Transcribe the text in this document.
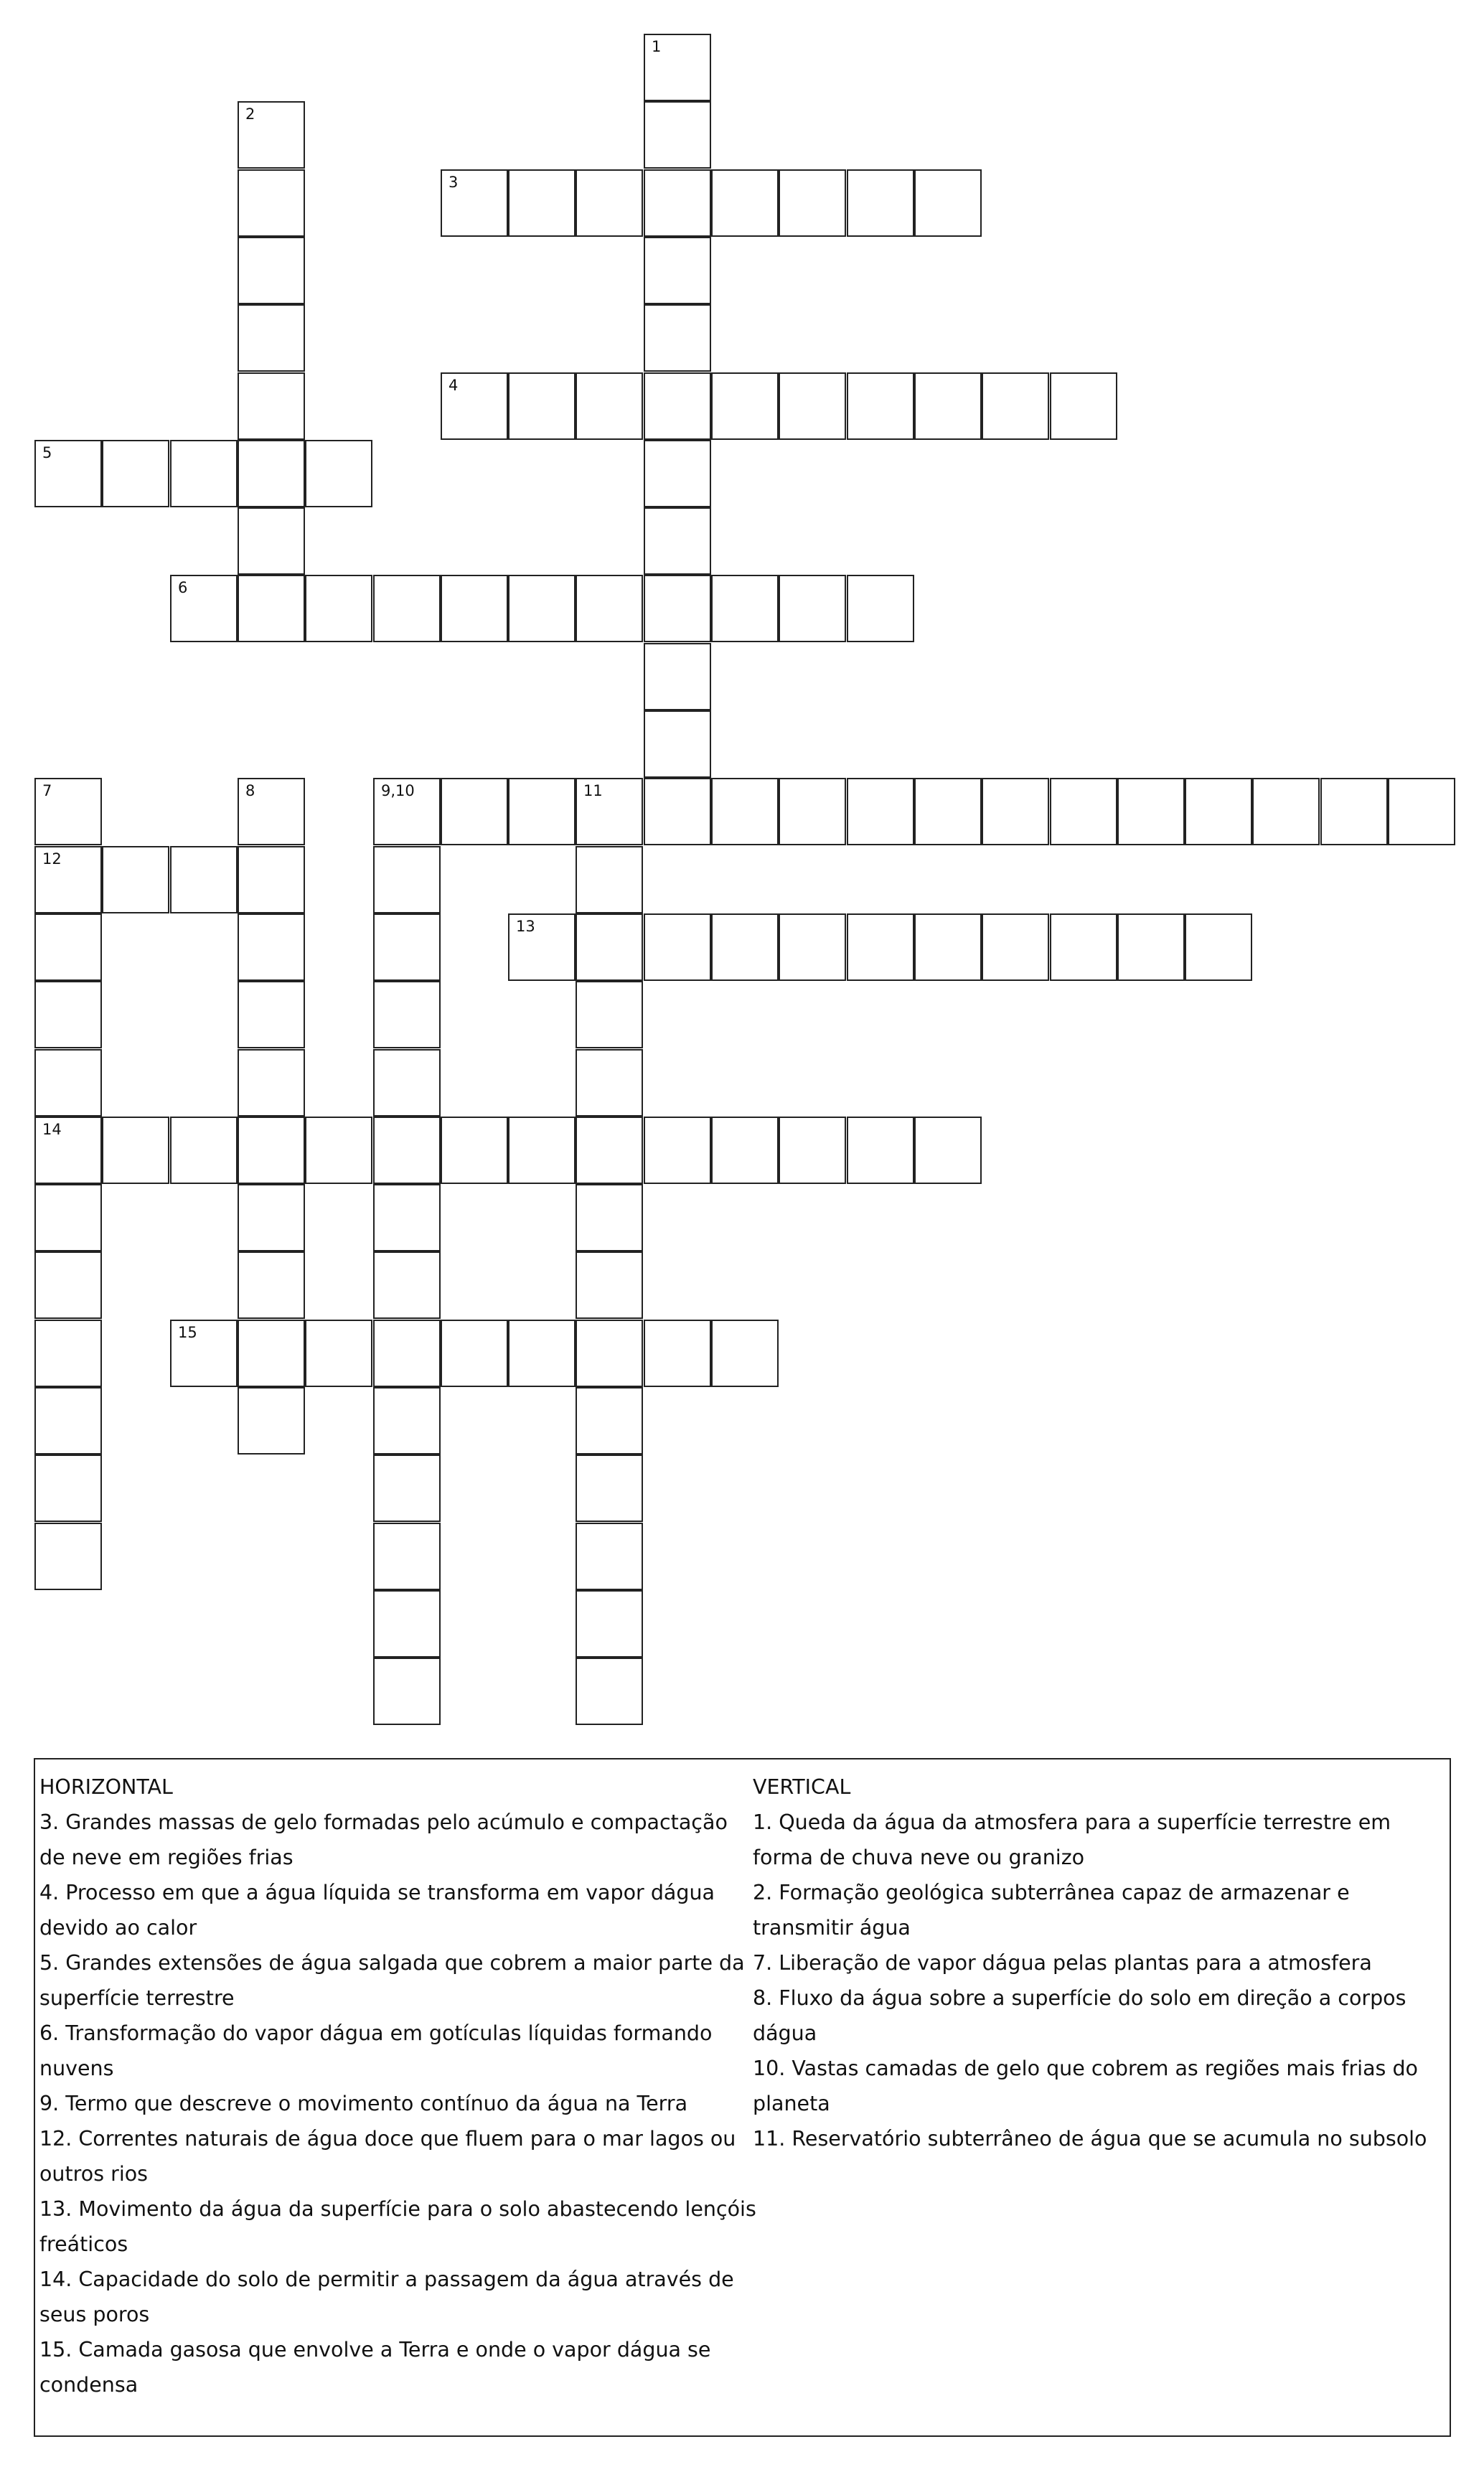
1
2
3
4
5
6
7
12
14
8	9,10	11
13
15

HORIZONTAL

3. Grandes massas de gelo formadas pelo acúmulo e compactação de neve em regiões frias

4. Processo em que a água líquida se transforma em vapor dágua devido ao calor

5. Grandes extensões de água salgada que cobrem a maior parte da superfície terrestre

6. Transformação do vapor dágua em gotículas líquidas formando nuvens

9. Termo que descreve o movimento contínuo da água na Terra

12. Correntes naturais de água doce que fluem para o mar lagos ou outros rios

13. Movimento da água da superfície para o solo abastecendo lençóis freáticos

14. Capacidade do solo de permitir a passagem da água através de seus poros

15. Camada gasosa que envolve a Terra e onde o vapor dágua se condensa

VERTICAL

1. Queda da água da atmosfera para a superfície terrestre em forma de chuva neve ou granizo

2. Formação geológica subterrânea capaz de armazenar e transmitir água

7. Liberação de vapor dágua pelas plantas para a atmosfera

8. Fluxo da água sobre a superfície do solo em direção a corpos dágua

10. Vastas camadas de gelo que cobrem as regiões mais frias do planeta

11. Reservatório subterrâneo de água que se acumula no subsolo
